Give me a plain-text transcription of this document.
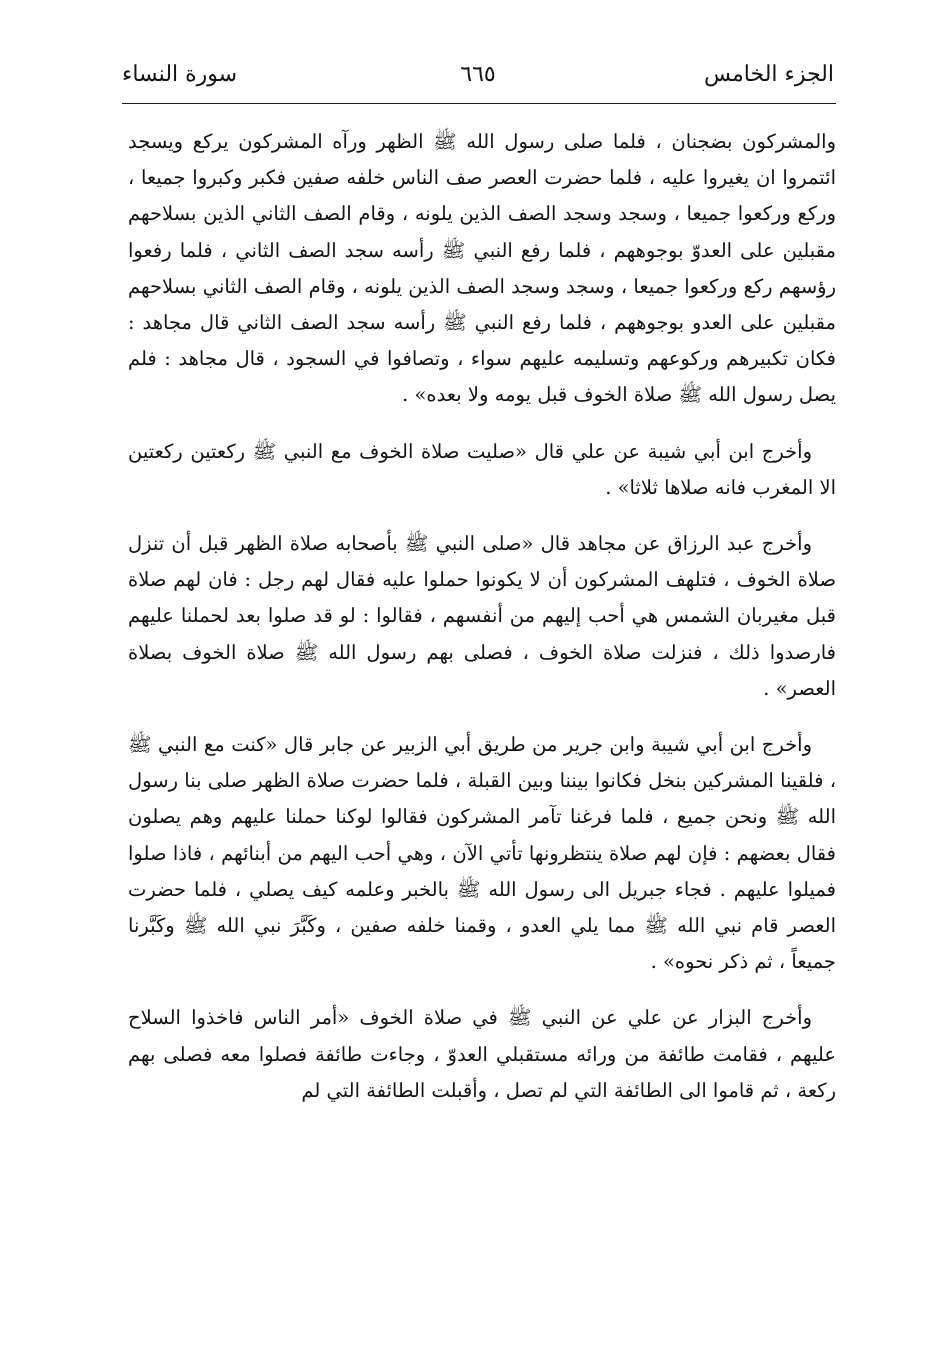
الجزء الخامس
٦٦٥
سورة النساء

والمشركون بضجنان ، فلما صلى رسول الله ﷺ الظهر ورآه المشركون يركع ويسجد ائتمروا ان يغيروا عليه ، فلما حضرت العصر صف الناس خلفه صفين فكبر وكبروا جميعا ، وركع وركعوا جميعا ، وسجد وسجد الصف الذين يلونه ، وقام الصف الثاني الذين بسلاحهم مقبلين على العدوّ بوجوههم ، فلما رفع النبي ﷺ رأسه سجد الصف الثاني ، فلما رفعوا رؤسهم ركع وركعوا جميعا ، وسجد وسجد الصف الذين يلونه ، وقام الصف الثاني بسلاحهم مقبلين على العدو بوجوههم ، فلما رفع النبي ﷺ رأسه سجد الصف الثاني قال مجاهد : فكان تكبيرهم وركوعهم وتسليمه عليهم سواء ، وتصافوا في السجود ، قال مجاهد : فلم يصل رسول الله ﷺ صلاة الخوف قبل يومه ولا بعده» .

وأخرج ابن أبي شيبة عن علي قال «صليت صلاة الخوف مع النبي ﷺ ركعتين ركعتين الا المغرب فانه صلاها ثلاثا» .

وأخرج عبد الرزاق عن مجاهد قال «صلى النبي ﷺ بأصحابه صلاة الظهر قبل أن تنزل صلاة الخوف ، فتلهف المشركون أن لا يكونوا حملوا عليه فقال لهم رجل : فان لهم صلاة قبل مغيربان الشمس هي أحب إليهم من أنفسهم ، فقالوا : لو قد صلوا بعد لحملنا عليهم فارصدوا ذلك ، فنزلت صلاة الخوف ، فصلى بهم رسول الله ﷺ صلاة الخوف بصلاة العصر» .

وأخرج ابن أبي شيبة وابن جرير من طريق أبي الزبير عن جابر قال «كنت مع النبي ﷺ ، فلقينا المشركين بنخل فكانوا بيننا وبين القبلة ، فلما حضرت صلاة الظهر صلى بنا رسول الله ﷺ ونحن جميع ، فلما فرغنا تآمر المشركون فقالوا لوكنا حملنا عليهم وهم يصلون فقال بعضهم : فإن لهم صلاة ينتظرونها تأتي الآن ، وهي أحب اليهم من أبنائهم ، فاذا صلوا فميلوا عليهم . فجاء جبريل الى رسول الله ﷺ بالخبر وعلمه كيف يصلي ، فلما حضرت العصر قام نبي الله ﷺ مما يلي العدو ، وقمنا خلفه صفين ، وكَبَّرَ نبي الله ﷺ وكَبَّرنا جميعاً ، ثم ذكر نحوه» .

وأخرج البزار عن علي عن النبي ﷺ في صلاة الخوف «أمر الناس فاخذوا السلاح عليهم ، فقامت طائفة من ورائه مستقبلي العدوّ ، وجاءت طائفة فصلوا معه فصلى بهم ركعة ، ثم قاموا الى الطائفة التي لم تصل ، وأقبلت الطائفة التي لم
